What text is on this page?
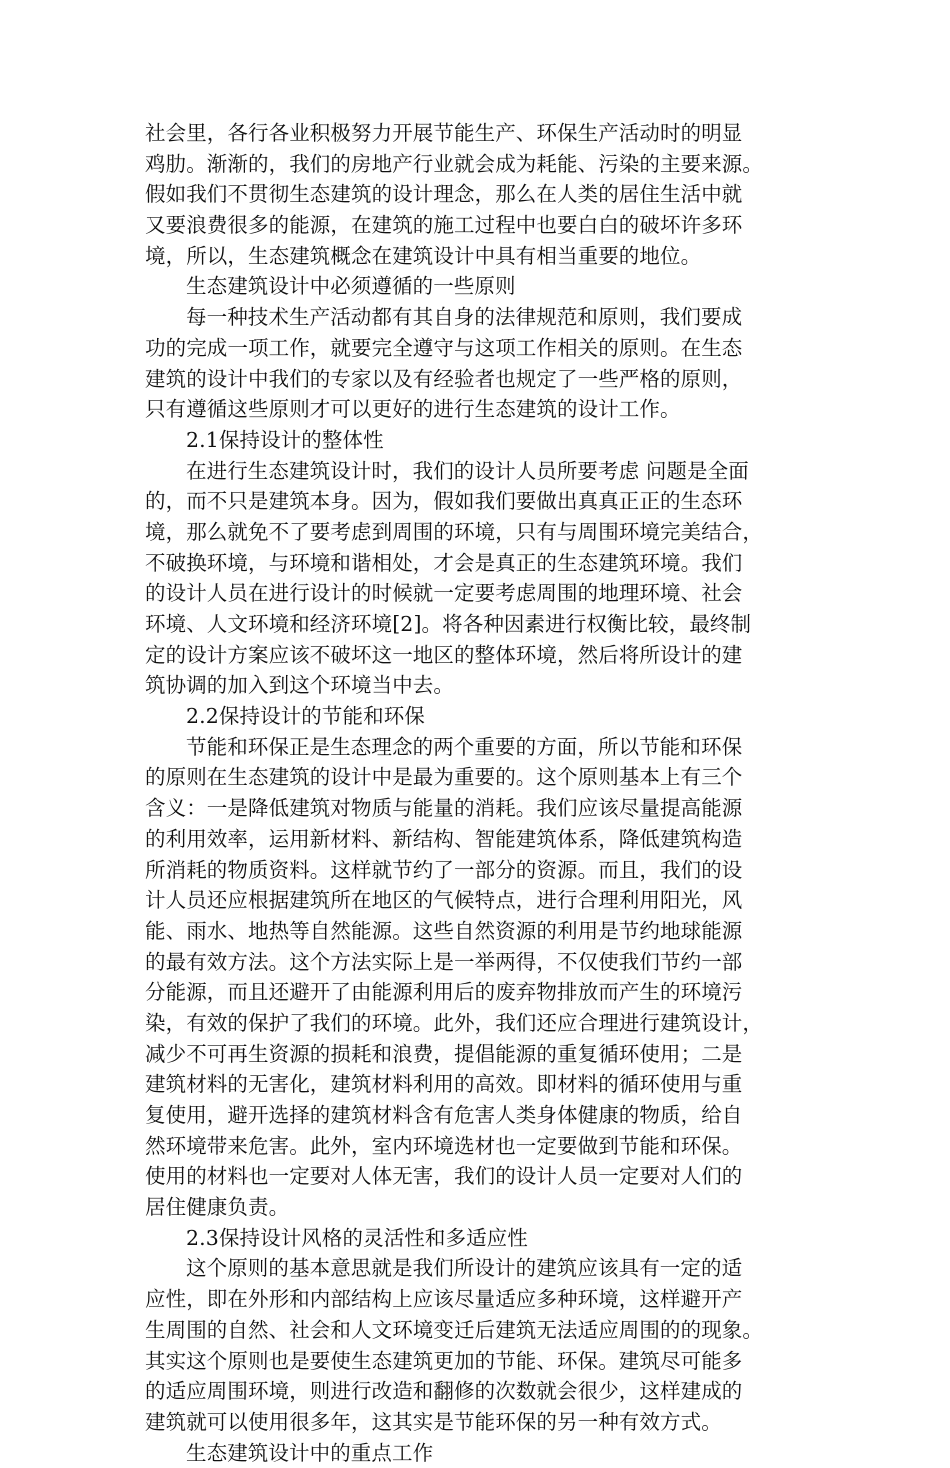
社会里，各行各业积极努力开展节能生产、环保生产活动时的明显
鸡肋。渐渐的，我们的房地产行业就会成为耗能、污染的主要来源。
假如我们不贯彻生态建筑的设计理念，那么在人类的居住生活中就
又要浪费很多的能源，在建筑的施工过程中也要白白的破坏许多环
境，所以，生态建筑概念在建筑设计中具有相当重要的地位。
生态建筑设计中必须遵循的一些原则
每一种技术生产活动都有其自身的法律规范和原则，我们要成
功的完成一项工作，就要完全遵守与这项工作相关的原则。在生态
建筑的设计中我们的专家以及有经验者也规定了一些严格的原则，
只有遵循这些原则才可以更好的进行生态建筑的设计工作。
2.1保持设计的整体性
在进行生态建筑设计时，我们的设计人员所要考虑 问题是全面
的，而不只是建筑本身。因为，假如我们要做出真真正正的生态环
境，那么就免不了要考虑到周围的环境，只有与周围环境完美结合，
不破换环境，与环境和谐相处，才会是真正的生态建筑环境。我们
的设计人员在进行设计的时候就一定要考虑周围的地理环境、社会
环境、人文环境和经济环境[2]。将各种因素进行权衡比较，最终制
定的设计方案应该不破坏这一地区的整体环境，然后将所设计的建
筑协调的加入到这个环境当中去。
2.2保持设计的节能和环保
节能和环保正是生态理念的两个重要的方面，所以节能和环保
的原则在生态建筑的设计中是最为重要的。这个原则基本上有三个
含义：一是降低建筑对物质与能量的消耗。我们应该尽量提高能源
的利用效率，运用新材料、新结构、智能建筑体系，降低建筑构造
所消耗的物质资料。这样就节约了一部分的资源。而且，我们的设
计人员还应根据建筑所在地区的气候特点，进行合理利用阳光，风
能、雨水、地热等自然能源。这些自然资源的利用是节约地球能源
的最有效方法。这个方法实际上是一举两得，不仅使我们节约一部
分能源，而且还避开了由能源利用后的废弃物排放而产生的环境污
染，有效的保护了我们的环境。此外，我们还应合理进行建筑设计，
减少不可再生资源的损耗和浪费，提倡能源的重复循环使用；二是
建筑材料的无害化，建筑材料利用的高效。即材料的循环使用与重
复使用，避开选择的建筑材料含有危害人类身体健康的物质，给自
然环境带来危害。此外，室内环境选材也一定要做到节能和环保。
使用的材料也一定要对人体无害，我们的设计人员一定要对人们的
居住健康负责。
2.3保持设计风格的灵活性和多适应性
这个原则的基本意思就是我们所设计的建筑应该具有一定的适
应性，即在外形和内部结构上应该尽量适应多种环境，这样避开产
生周围的自然、社会和人文环境变迁后建筑无法适应周围的的现象。
其实这个原则也是要使生态建筑更加的节能、环保。建筑尽可能多
的适应周围环境，则进行改造和翻修的次数就会很少，这样建成的
建筑就可以使用很多年，这其实是节能环保的另一种有效方式。
生态建筑设计中的重点工作
